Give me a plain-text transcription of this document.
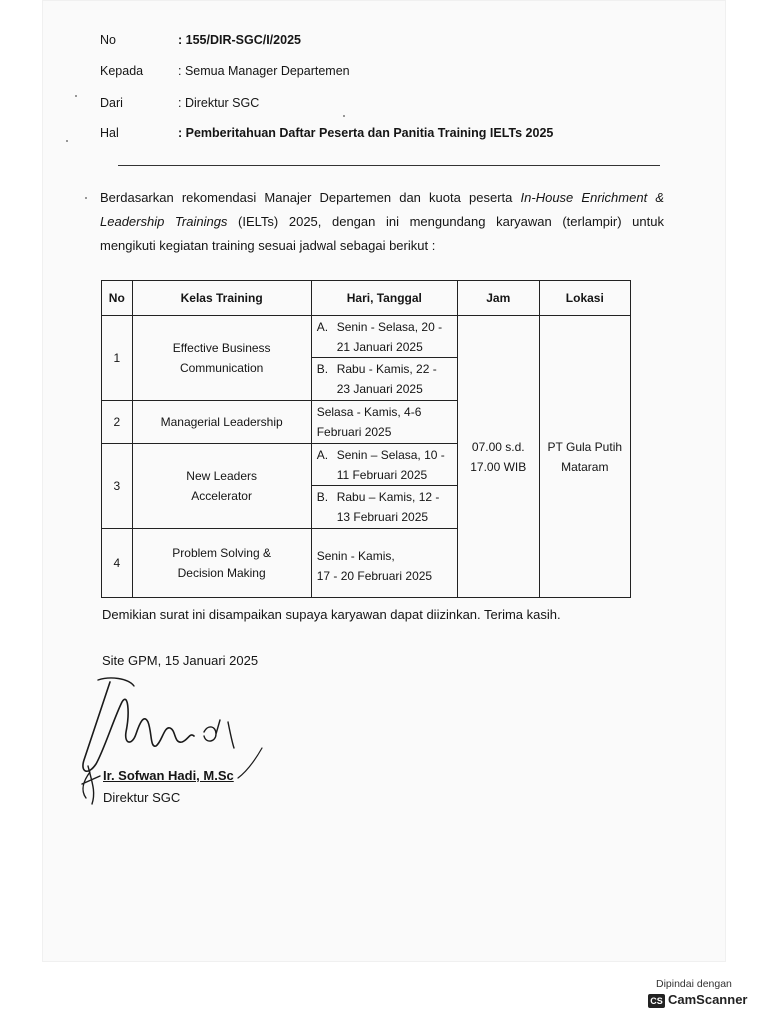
No	: 155/DIR-SGC/I/2025
Kepada	: Semua Manager Departemen
Dari	: Direktur SGC
Hal	: Pemberitahuan Daftar Peserta dan Panitia Training IELTs 2025
Berdasarkan rekomendasi Manajer Departemen dan kuota peserta In-House Enrichment &
Leadership Trainings (IELTs) 2025, dengan ini mengundang karyawan (terlampir) untuk
mengikuti kegiatan training sesuai jadwal sebagai berikut :
No	Kelas Training	Hari, Tanggal	Jam	Lokasi
1	Effective Business Communication	A. Senin - Selasa, 20 - 21 Januari 2025
B. Rabu - Kamis, 22 - 23 Januari 2025	07.00 s.d. 17.00 WIB	PT Gula Putih Mataram
2	Managerial Leadership	Selasa - Kamis, 4-6 Februari 2025		

3	New Leaders Accelerator	A. Senin – Selasa, 10 - 11 Februari 2025
B. Rabu – Kamis, 12 - 13 Februari 2025		

4	Problem Solving & Decision Making	Senin - Kamis,
17 - 20 Februari 2025		
Demikian surat ini disampaikan supaya karyawan dapat diizinkan. Terima kasih.
Site GPM, 15 Januari 2025
Ir. Sofwan Hadi, M.Sc
Direktur SGC
Dipindai dengan
CS CamScanner
